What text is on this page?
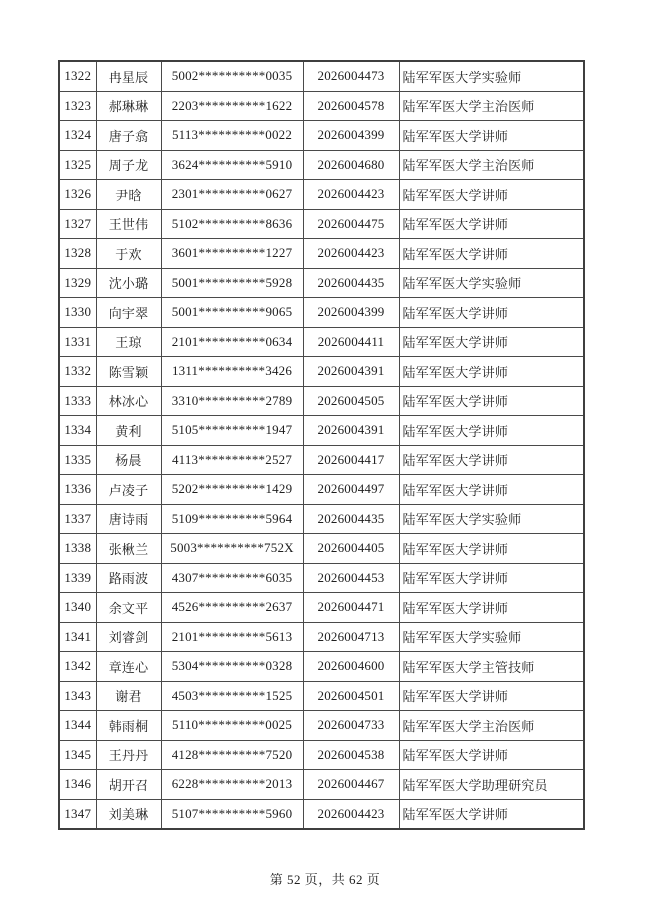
1322	冉星辰	5002**********0035	2026004473	陆军军医大学实验师
1323	郝琳琳	2203**********1622	2026004578	陆军军医大学主治医师
1324	唐子翕	5113**********0022	2026004399	陆军军医大学讲师
1325	周子龙	3624**********5910	2026004680	陆军军医大学主治医师
1326	尹晗	2301**********0627	2026004423	陆军军医大学讲师
1327	王世伟	5102**********8636	2026004475	陆军军医大学讲师
1328	于欢	3601**********1227	2026004423	陆军军医大学讲师
1329	沈小璐	5001**********5928	2026004435	陆军军医大学实验师
1330	向宇翠	5001**********9065	2026004399	陆军军医大学讲师
1331	王琼	2101**********0634	2026004411	陆军军医大学讲师
1332	陈雪颖	1311**********3426	2026004391	陆军军医大学讲师
1333	林冰心	3310**********2789	2026004505	陆军军医大学讲师
1334	黄利	5105**********1947	2026004391	陆军军医大学讲师
1335	杨晨	4113**********2527	2026004417	陆军军医大学讲师
1336	卢凌子	5202**********1429	2026004497	陆军军医大学讲师
1337	唐诗雨	5109**********5964	2026004435	陆军军医大学实验师
1338	张楸兰	5003**********752X	2026004405	陆军军医大学讲师
1339	路雨波	4307**********6035	2026004453	陆军军医大学讲师
1340	余文平	4526**********2637	2026004471	陆军军医大学讲师
1341	刘睿剑	2101**********5613	2026004713	陆军军医大学实验师
1342	章连心	5304**********0328	2026004600	陆军军医大学主管技师
1343	谢君	4503**********1525	2026004501	陆军军医大学讲师
1344	韩雨桐	5110**********0025	2026004733	陆军军医大学主治医师
1345	王丹丹	4128**********7520	2026004538	陆军军医大学讲师
1346	胡开召	6228**********2013	2026004467	陆军军医大学助理研究员
1347	刘美琳	5107**********5960	2026004423	陆军军医大学讲师
第 52 页，共 62 页
